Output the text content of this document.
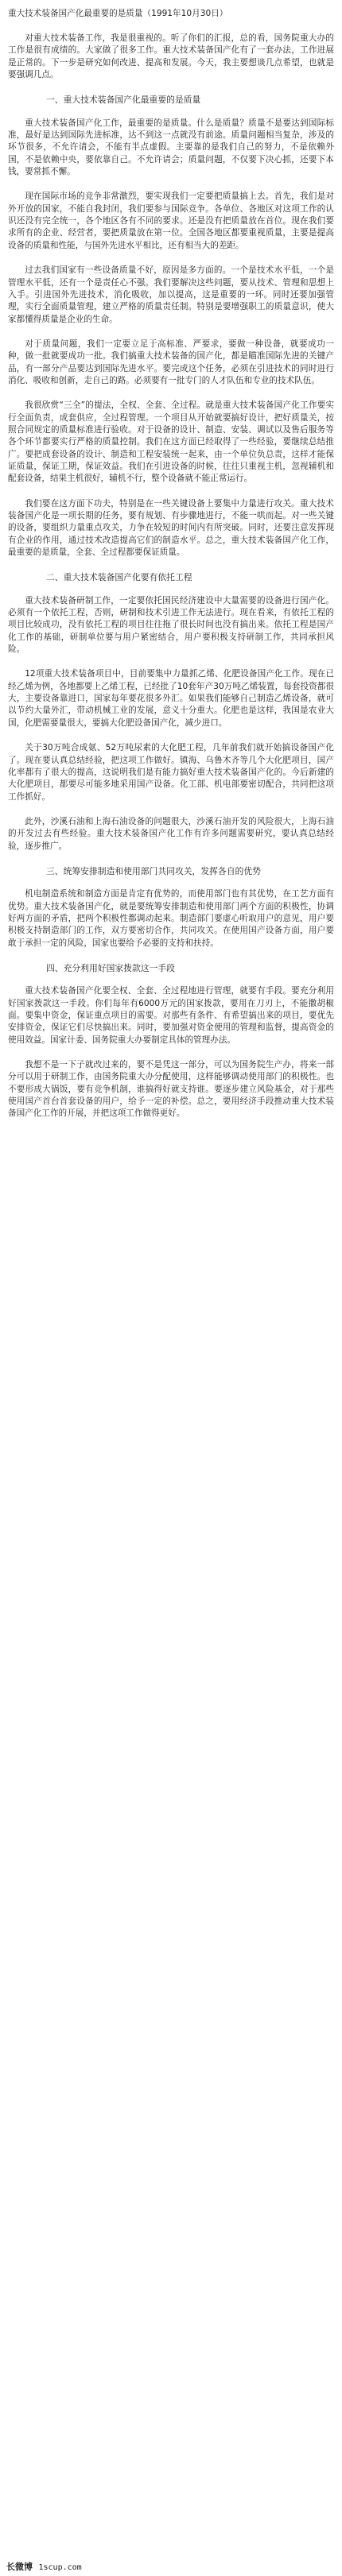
重大技术装备国产化最重要的是质量（1991年10月30日）

对重大技术装备工作，我是很重视的。听了你们的汇报，总的看，国务院重大办的工作是很有成绩的。大家做了很多工作。重大技术装备国产化有了一套办法，工作进展是正常的。下一步是研究如何改进、提高和发展。今天，我主要想谈几点希望，也就是要强调几点。

一、重大技术装备国产化最重要的是质量

重大技术装备国产化工作，最重要的是质量。什么是质量？质量不是要达到国际标准，最好是达到国际先进标准，达不到这一点就没有前途。质量问题相当复杂，涉及的环节很多，不允许请会，不能有半点虚假。主要靠的是我们自己的努力，不是依赖外国，不是依赖中央，要依靠自己。不允许请会；质量问题，不仅要下决心抓，还要下本钱，要常抓不懈。

现在国际市场的竞争非常激烈，要实现我们一定要把质量搞上去。首先，我们是对外开放的国家，不能自我封闭，我们要参与国际竞争。各单位、各地区对这项工作的认识还没有完全统一，各个地区各有不同的要求。还是没有把质量放在首位。现在我们要求所有的企业、经营者，要把质量放在第一位。全国各地区都要重视质量，主要是提高设备的质量和性能，与国外先进水平相比，还有相当大的差距。

过去我们国家有一些设备质量不好，原因是多方面的。一个是技术水平低，一个是管理水平低，还有一个是责任心不强。我们要解决这些问题，要从技术、管理和思想上入手。引进国外先进技术，消化吸收，加以提高，这是重要的一环。同时还要加强管理，实行全面质量管理，建立严格的质量责任制。特别是要增强职工的质量意识，使大家都懂得质量是企业的生命。

对于质量问题，我们一定要立足于高标准、严要求，要做一种设备，就要成功一种，做一批就要成功一批。我们搞重大技术装备的国产化，都是瞄准国际先进的关键产品，有一部分产品要达到国际先进水平。要完成这个任务，必须在引进技术的同时进行消化、吸收和创新，走自己的路。必须要有一批专门的人才队伍和专业的技术队伍。

我很欣赏“三全”的提法，全权、全套、全过程。就是重大技术装备国产化工作要实行全面负责，成套供应，全过程管理。一个项目从开始就要搞好设计，把好质量关，按照合同规定的质量标准进行验收。对于设备的设计、制造、安装、调试以及售后服务等各个环节都要实行严格的质量控制。我们在这方面已经取得了一些经验，要继续总结推广。要把成套设备的设计、制造和工程安装统一起来，由一个单位负总责，这样才能保证质量，保证工期，保证效益。我们在引进设备的时候，往往只重视主机，忽视辅机和配套设备，结果主机很好，辅机不行，整个设备就不能正常运行。

我们要在这方面下功夫，特别是在一些关键设备上要集中力量进行攻关。重大技术装备国产化是一项长期的任务，要有规划、有步骤地进行，不能一哄而起。对一些关键的设备，要组织力量重点攻关，力争在较短的时间内有所突破。同时，还要注意发挥现有企业的作用，通过技术改造提高它们的制造水平。总之，重大技术装备国产化工作，最重要的是质量，全套、全过程都要保证质量。

二、重大技术装备国产化要有依托工程

重大技术装备研制工作，一定要依托国民经济建设中大量需要的设备进行国产化。必须有一个依托工程，否则，研制和技术引进工作无法进行。现在看来，有依托工程的项目比较成功，没有依托工程的项目往往拖了很长时间也没有搞出来。依托工程是国产化工作的基础，研制单位要与用户紧密结合，用户要积极支持研制工作，共同承担风险。

12项重大技术装备项目中，目前要集中力量抓乙烯、化肥设备国产化工作。现在已经乙烯为例，各地都要上乙烯工程，已经批了10套年产30万吨乙烯装置，每套投资都很大，主要设备靠进口，国家每年要花很多外汇。如果我们能够自己制造乙烯设备，就可以节约大量外汇，带动机械工业的发展，意义十分重大。化肥也是这样，我国是农业大国，化肥需要量很大，要搞大化肥设备国产化，减少进口。

关于30万吨合成氨、52万吨尿素的大化肥工程，几年前我们就开始搞设备国产化了。现在要认真总结经验，把这项工作做好。镇海、乌鲁木齐等几个大化肥项目，国产化率都有了很大的提高，这说明我们是有能力搞好重大技术装备国产化的。今后新建的大化肥项目，都要尽可能多地采用国产设备。化工部、机电部要密切配合，共同把这项工作抓好。

此外，沙溪石油和上海石油设备的问题很大，沙溪石油开发的风险很大，上海石油的开发过去有些经验。重大技术装备国产化工作有许多问题需要研究，要认真总结经验，逐步推广。

三、统筹安排制造和使用部门共同攻关，发挥各自的优势

机电制造系统和制造方面是肯定有优势的，而使用部门也有其优势，在工艺方面有优势。重大技术装备国产化，就是要统筹安排制造和使用部门两个方面的积极性，协调好两方面的矛盾，把两个积极性都调动起来。制造部门要虚心听取用户的意见，用户要积极支持制造部门的工作，双方要密切合作，共同攻关。在使用国产设备方面，用户要敢于承担一定的风险，国家也要给予必要的支持和扶持。

四、充分利用好国家拨款这一手段

重大技术装备国产化要全权、全套、全过程地进行管理，就要有手段。要充分利用好国家拨款这一手段。你们每年有6000万元的国家拨款，要用在刀刃上，不能撒胡椒面。要集中资金，保证重点项目的需要。对那些有条件、有希望搞出来的项目，要优先安排资金，保证它们尽快搞出来。同时，要加强对资金使用的管理和监督，提高资金的使用效益。国家计委、国务院重大办要制定具体的管理办法。

我想不是一下子就改过来的，要不是凭这一部分，可以为国务院生产办，将来一部分可以用于研制工作，由国务院重大办分配使用，这样能够调动使用部门的积极性。也不要形成大锅饭，要有竞争机制，谁搞得好就支持谁。要逐步建立风险基金，对于那些使用国产首台首套设备的用户，给予一定的补偿。总之，要用经济手段推动重大技术装备国产化工作的开展，并把这项工作做得更好。

长微博 1scup.com
